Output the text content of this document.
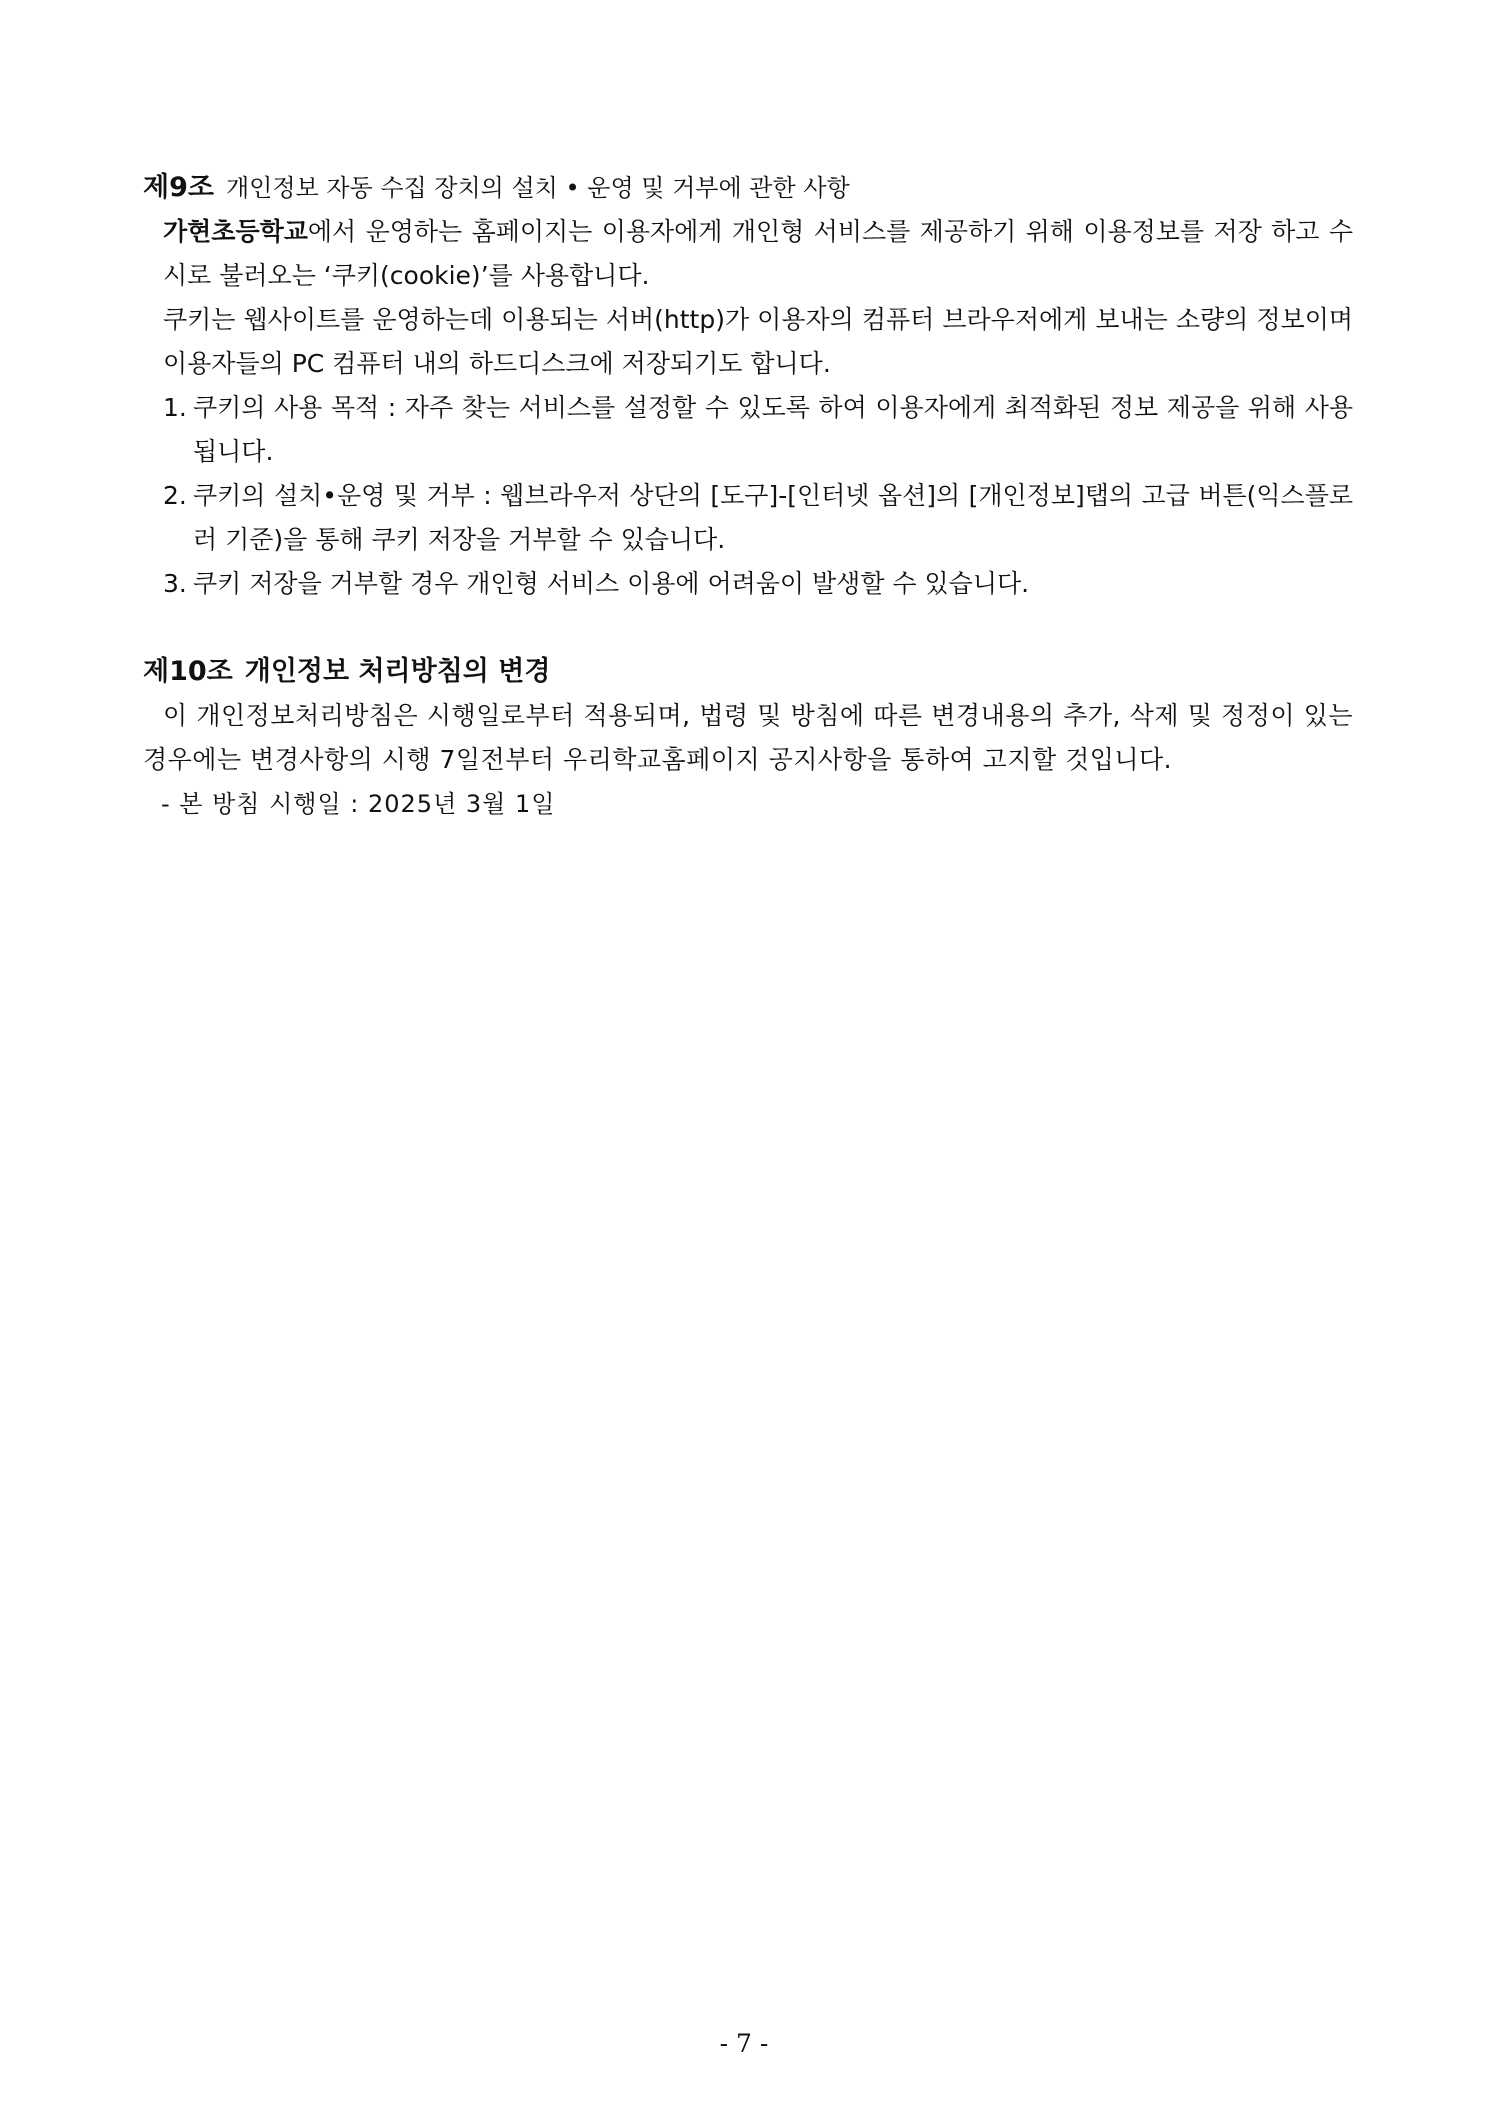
제9조 개인정보 자동 수집 장치의 설치 • 운영 및 거부에 관한 사항

가현초등학교에서 운영하는 홈페이지는 이용자에게 개인형 서비스를 제공하기 위해 이용정보를 저장 하고 수시로 불러오는 ‘쿠키(cookie)’를 사용합니다.

쿠키는 웹사이트를 운영하는데 이용되는 서버(http)가 이용자의 컴퓨터 브라우저에게 보내는 소량의 정보이며 이용자들의 PC 컴퓨터 내의 하드디스크에 저장되기도 합니다.

1. 쿠키의 사용 목적 : 자주 찾는 서비스를 설정할 수 있도록 하여 이용자에게 최적화된 정보 제공을 위해 사용됩니다.
2. 쿠키의 설치•운영 및 거부 : 웹브라우저 상단의 [도구]-[인터넷 옵션]의 [개인정보]탭의 고급 버튼(익스플로러 기준)을 통해 쿠키 저장을 거부할 수 있습니다.
3. 쿠키 저장을 거부할 경우 개인형 서비스 이용에 어려움이 발생할 수 있습니다.
제10조 개인정보 처리방침의 변경

이 개인정보처리방침은 시행일로부터 적용되며, 법령 및 방침에 따른 변경내용의 추가, 삭제 및 정정이 있는 경우에는 변경사항의 시행 7일전부터 우리학교홈페이지 공지사항을 통하여 고지할 것입니다.

- 본 방침 시행일 : 2025년 3월 1일

- 7 -
